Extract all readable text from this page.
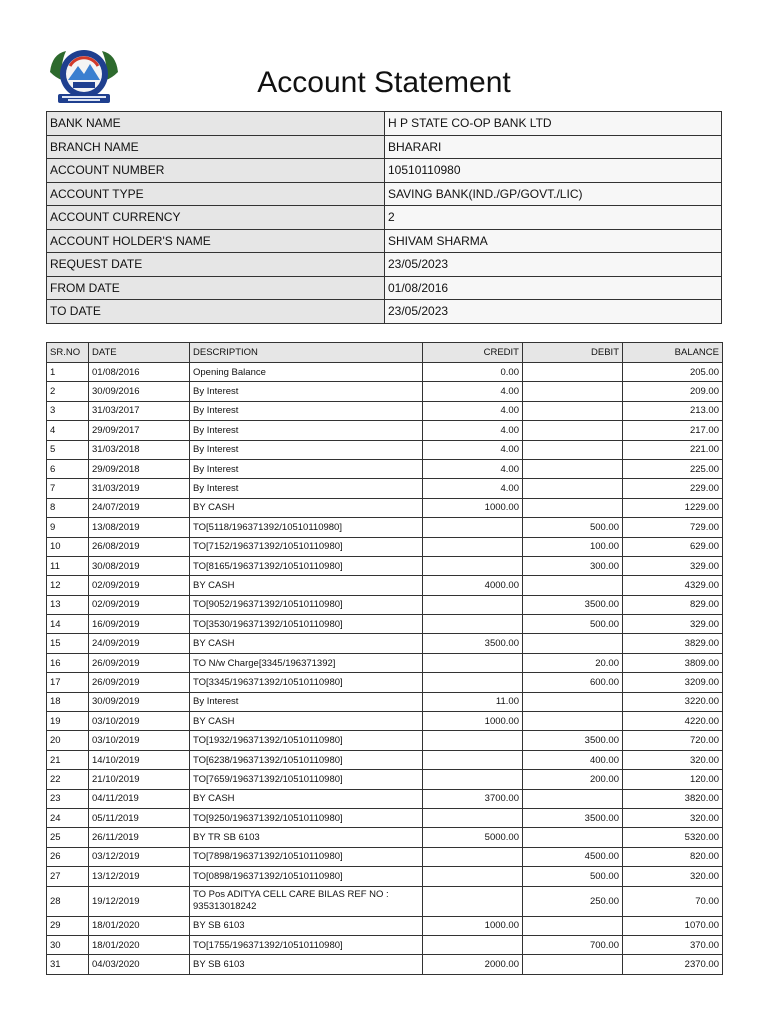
Account Statement
BANK NAME	H P STATE CO-OP BANK LTD
BRANCH NAME	BHARARI
ACCOUNT NUMBER	10510110980
ACCOUNT TYPE	SAVING BANK(IND./GP/GOVT./LIC)
ACCOUNT CURRENCY	2
ACCOUNT HOLDER'S NAME	SHIVAM SHARMA
REQUEST DATE	23/05/2023
FROM DATE	01/08/2016
TO DATE	23/05/2023
SR.NO	DATE	DESCRIPTION	CREDIT	DEBIT	BALANCE
1	01/08/2016	Opening Balance	0.00		205.00
2	30/09/2016	By Interest	4.00		209.00
3	31/03/2017	By Interest	4.00		213.00
4	29/09/2017	By Interest	4.00		217.00
5	31/03/2018	By Interest	4.00		221.00
6	29/09/2018	By Interest	4.00		225.00
7	31/03/2019	By Interest	4.00		229.00
8	24/07/2019	BY CASH	1000.00		1229.00
9	13/08/2019	TO[5118/196371392/10510110980]		500.00	729.00
10	26/08/2019	TO[7152/196371392/10510110980]		100.00	629.00
11	30/08/2019	TO[8165/196371392/10510110980]		300.00	329.00
12	02/09/2019	BY CASH	4000.00		4329.00
13	02/09/2019	TO[9052/196371392/10510110980]		3500.00	829.00
14	16/09/2019	TO[3530/196371392/10510110980]		500.00	329.00
15	24/09/2019	BY CASH	3500.00		3829.00
16	26/09/2019	TO N/w Charge[3345/196371392]		20.00	3809.00
17	26/09/2019	TO[3345/196371392/10510110980]		600.00	3209.00
18	30/09/2019	By Interest	11.00		3220.00
19	03/10/2019	BY CASH	1000.00		4220.00
20	03/10/2019	TO[1932/196371392/10510110980]		3500.00	720.00
21	14/10/2019	TO[6238/196371392/10510110980]		400.00	320.00
22	21/10/2019	TO[7659/196371392/10510110980]		200.00	120.00
23	04/11/2019	BY CASH	3700.00		3820.00
24	05/11/2019	TO[9250/196371392/10510110980]		3500.00	320.00
25	26/11/2019	BY TR SB 6103	5000.00		5320.00
26	03/12/2019	TO[7898/196371392/10510110980]		4500.00	820.00
27	13/12/2019	TO[0898/196371392/10510110980]		500.00	320.00
28	19/12/2019	TO Pos ADITYA CELL CARE BILAS REF NO : 935313018242		250.00	70.00
29	18/01/2020	BY SB 6103	1000.00		1070.00
30	18/01/2020	TO[1755/196371392/10510110980]		700.00	370.00
31	04/03/2020	BY SB 6103	2000.00		2370.00
